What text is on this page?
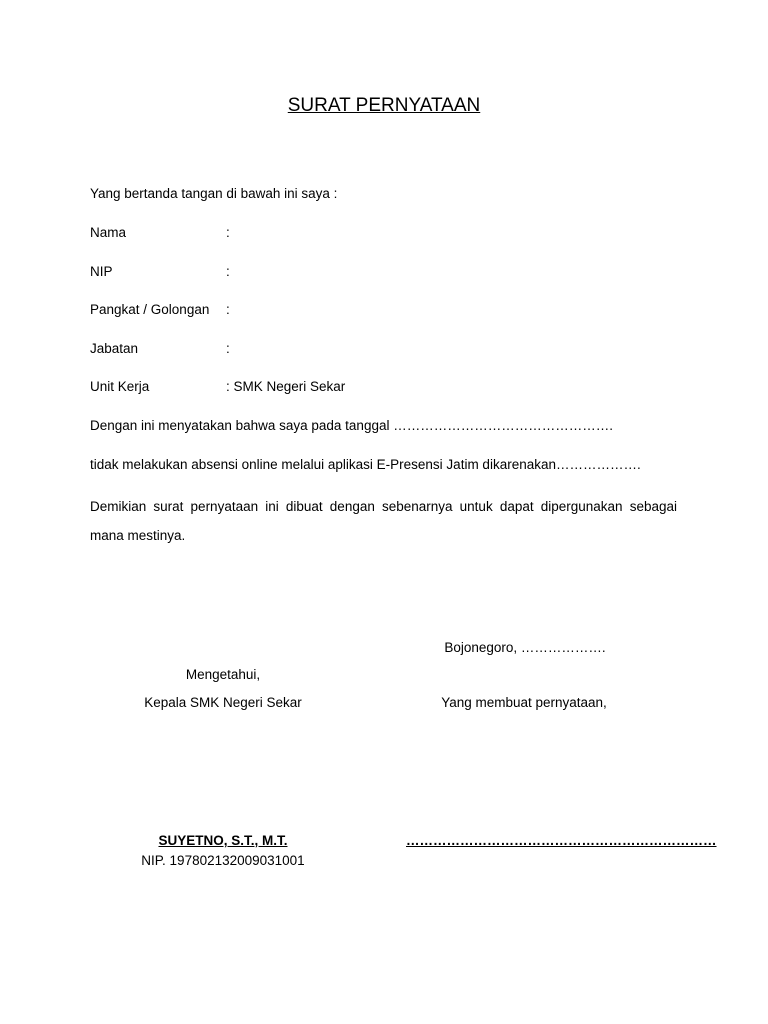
SURAT PERNYATAAN
Yang bertanda tangan di bawah ini saya :
Nama	:
NIP	:
Pangkat / Golongan :
Jabatan	:
Unit Kerja	: SMK Negeri Sekar
Dengan ini menyatakan bahwa saya pada tanggal ………………………………………….
tidak melakukan absensi online melalui aplikasi E-Presensi Jatim dikarenakan……………….
Demikian surat pernyataan ini dibuat dengan sebenarnya untuk dapat dipergunakan sebagai mana mestinya.
Bojonegoro, ……………….
Mengetahui,
Kepala SMK Negeri Sekar	Yang membuat pernyataan,
SUYETNO, S.T., M.T.
NIP. 197802132009031001
……………………………………………………………
